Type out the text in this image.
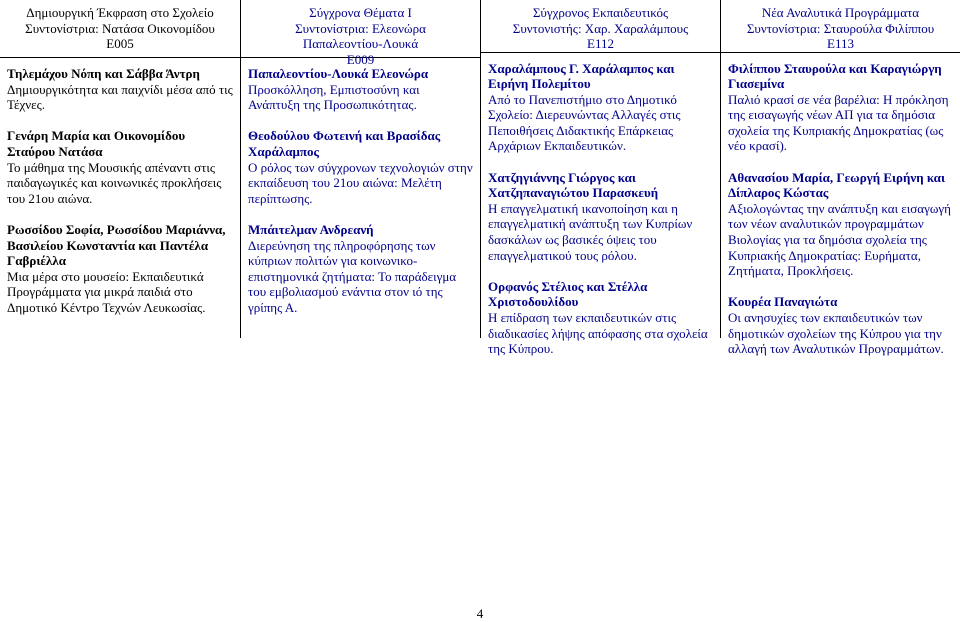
Δημιουργική Έκφραση στο Σχολείο
Συντονίστρια: Νατάσα Οικονομίδου
Ε005
Τηλεμάχου Νόπη και Σάββα Άντρη
Δημιουργικότητα και παιχνίδι μέσα από τις Τέχνες.
Γενάρη Μαρία και Οικονομίδου Σταύρου Νατάσα
Το μάθημα της Μουσικής απέναντι στις παιδαγωγικές και κοινωνικές προκλήσεις του 21ου αιώνα.
Ρωσσίδου Σοφία, Ρωσσίδου Μαριάννα, Βασιλείου Κωνσταντία και Παντέλα Γαβριέλλα
Μια μέρα στο μουσείο: Εκπαιδευτικά Προγράμματα για μικρά παιδιά στο Δημοτικό Κέντρο Τεχνών Λευκωσίας.
Σύγχρονα Θέματα Ι
Συντονίστρια: Ελεονώρα
Παπαλεοντίου-Λουκά
Ε009
Παπαλεοντίου-Λουκά Ελεονώρα
Προσκόλληση, Εμπιστοσύνη και Ανάπτυξη της Προσωπικότητας.
Θεοδούλου Φωτεινή και Βρασίδας Χαράλαμπος
Ο ρόλος των σύγχρονων τεχνολογιών στην εκπαίδευση του 21ου αιώνα: Μελέτη περίπτωσης.
Μπάιτελμαν Ανδρεανή
Διερεύνηση της πληροφόρησης των κύπριων πολιτών για κοινωνικο-επιστημονικά ζητήματα: Το παράδειγμα του εμβολιασμού ενάντια στον ιό της γρίπης Α.
Σύγχρονος Εκπαιδευτικός
Συντονιστής: Χαρ. Χαραλάμπους
Ε112
Χαραλάμπους Γ. Χαράλαμπος και Ειρήνη Πολεμίτου
Από το Πανεπιστήμιο στο Δημοτικό Σχολείο: Διερευνώντας Αλλαγές στις Πεποιθήσεις Διδακτικής Επάρκειας Αρχάριων Εκπαιδευτικών.
Χατζηγιάννης Γιώργος και Χατζηπαναγιώτου Παρασκευή
Η επαγγελματική ικανοποίηση και η επαγγελματική ανάπτυξη των Κυπρίων δασκάλων ως βασικές όψεις του επαγγελματικού τους ρόλου.
Ορφανός Στέλιος και Στέλλα Χριστοδουλίδου
Η επίδραση των εκπαιδευτικών στις διαδικασίες λήψης απόφασης στα σχολεία της Κύπρου.
Νέα Αναλυτικά Προγράμματα
Συντονίστρια: Σταυρούλα Φιλίππου
Ε113
Φιλίππου Σταυρούλα και Καραγιώργη Γιασεμίνα
Παλιό κρασί σε νέα βαρέλια: Η πρόκληση της εισαγωγής νέων ΑΠ για τα δημόσια σχολεία της Κυπριακής Δημοκρατίας (ως νέο κρασί).
Αθανασίου Μαρία, Γεωργή Ειρήνη και Δίπλαρος Κώστας
Αξιολογώντας την ανάπτυξη και εισαγωγή των νέων αναλυτικών προγραμμάτων Βιολογίας για τα δημόσια σχολεία της Κυπριακής Δημοκρατίας: Ευρήματα, Ζητήματα, Προκλήσεις.
Κουρέα Παναγιώτα
Οι ανησυχίες των εκπαιδευτικών των δημοτικών σχολείων της Κύπρου για την αλλαγή των Αναλυτικών Προγραμμάτων.
4
